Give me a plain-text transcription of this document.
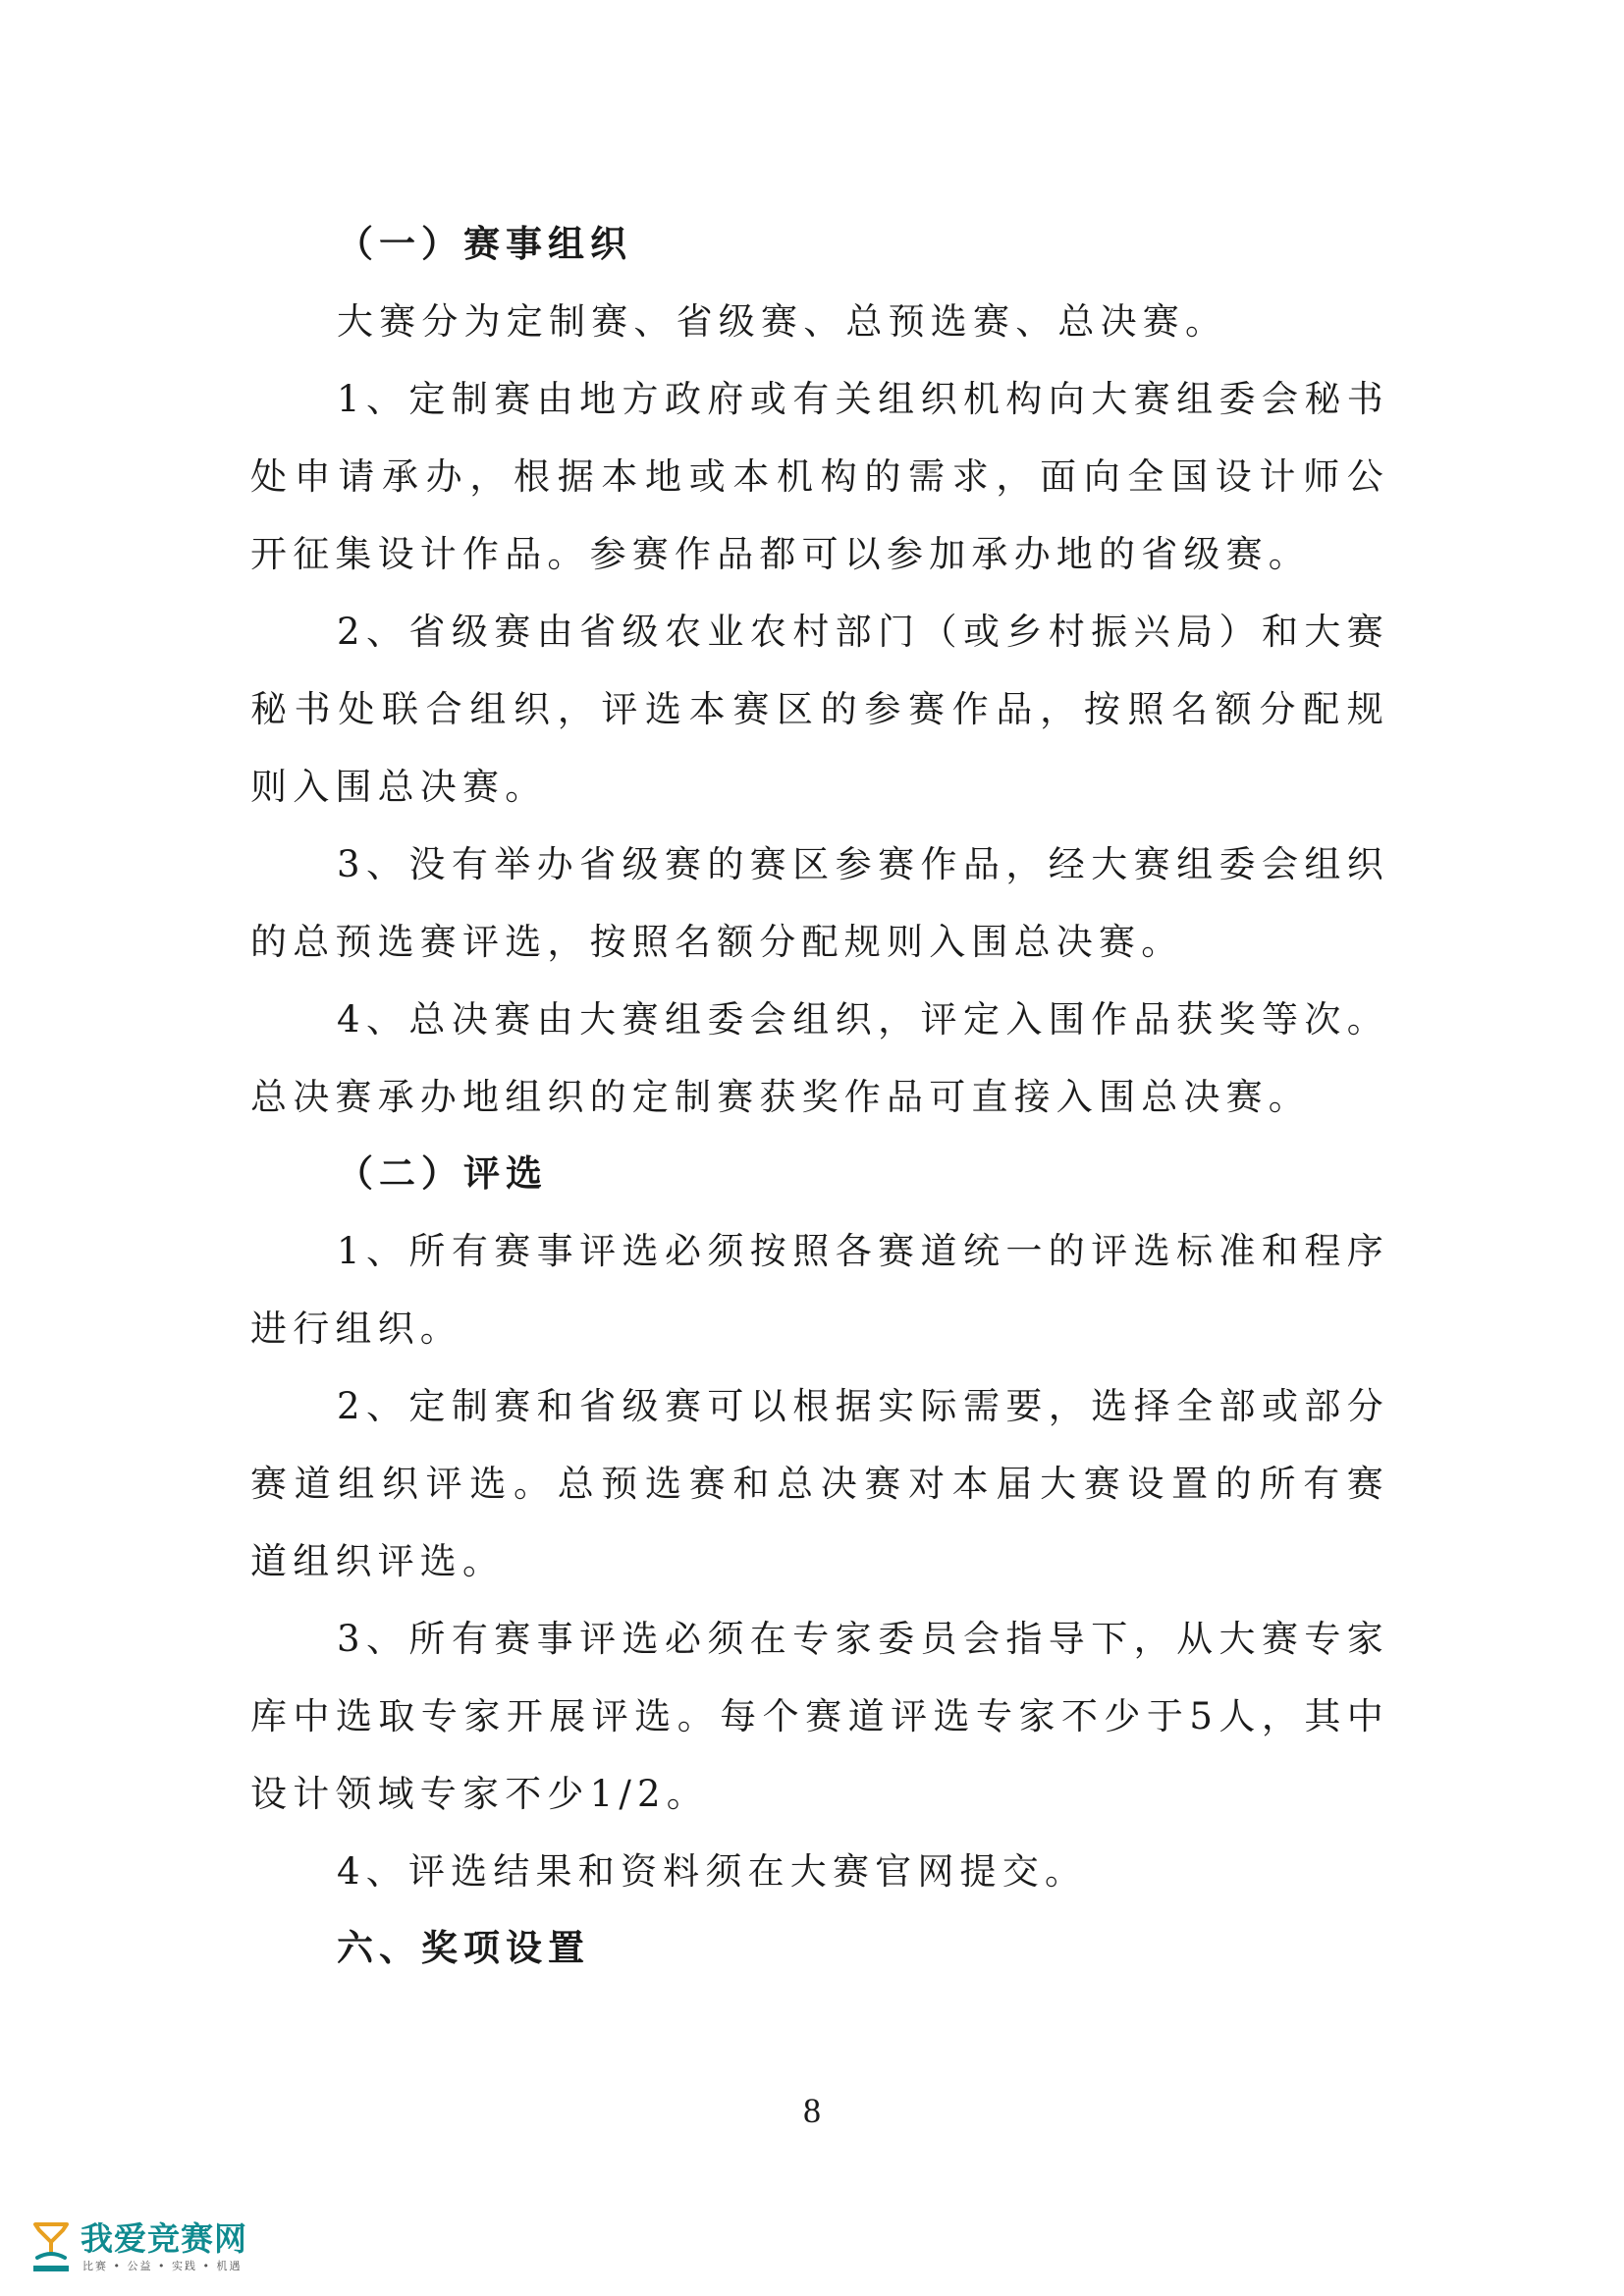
（一）赛事组织

大赛分为定制赛、省级赛、总预选赛、总决赛。

1、定制赛由地方政府或有关组织机构向大赛组委会秘书处申请承办，根据本地或本机构的需求，面向全国设计师公开征集设计作品。参赛作品都可以参加承办地的省级赛。

2、省级赛由省级农业农村部门（或乡村振兴局）和大赛秘书处联合组织，评选本赛区的参赛作品，按照名额分配规则入围总决赛。

3、没有举办省级赛的赛区参赛作品，经大赛组委会组织的总预选赛评选，按照名额分配规则入围总决赛。

4、总决赛由大赛组委会组织，评定入围作品获奖等次。总决赛承办地组织的定制赛获奖作品可直接入围总决赛。

（二）评选

1、所有赛事评选必须按照各赛道统一的评选标准和程序进行组织。

2、定制赛和省级赛可以根据实际需要，选择全部或部分赛道组织评选。总预选赛和总决赛对本届大赛设置的所有赛道组织评选。

3、所有赛事评选必须在专家委员会指导下，从大赛专家库中选取专家开展评选。每个赛道评选专家不少于5人，其中设计领域专家不少1/2。

4、评选结果和资料须在大赛官网提交。

六、奖项设置
8
我爱竞赛网
比赛 • 公益 • 实践 • 机遇
